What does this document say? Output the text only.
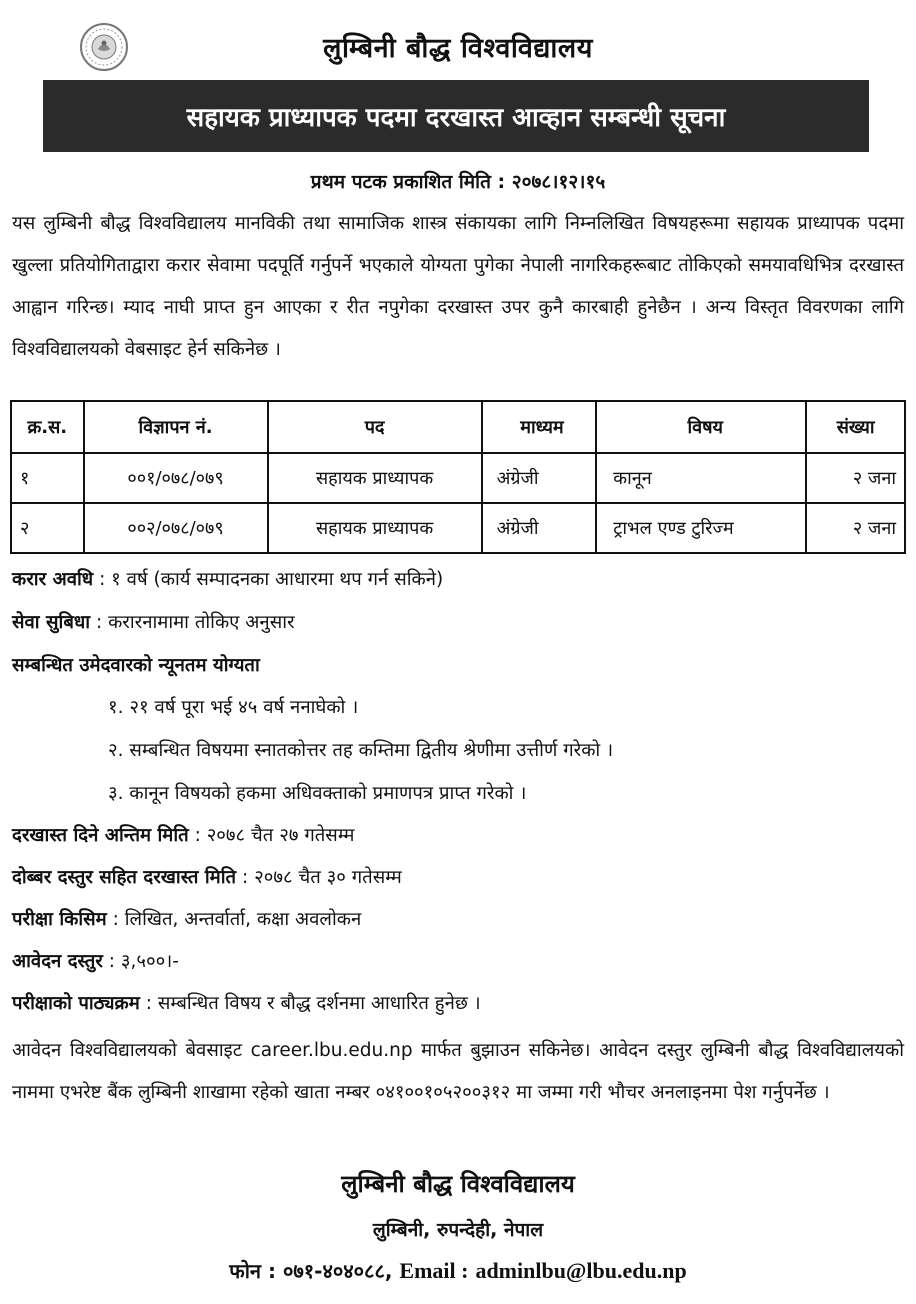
लुम्बिनी बौद्ध विश्वविद्यालय
सहायक प्राध्यापक पदमा दरखास्त आव्हान सम्बन्धी सूचना
प्रथम पटक प्रकाशित मिति : २०७८।१२।१५
यस लुम्बिनी बौद्ध विश्वविद्यालय मानविकी तथा सामाजिक शास्त्र संकायका लागि निम्नलिखित विषयहरूमा सहायक प्राध्यापक पदमा खुल्ला प्रतियोगिताद्वारा करार सेवामा पदपूर्ति गर्नुपर्ने भएकाले योग्यता पुगेका नेपाली नागरिकहरूबाट तोकिएको समयावधिभित्र दरखास्त आह्वान गरिन्छ। म्याद नाघी प्राप्त हुन आएका र रीत नपुगेका दरखास्त उपर कुनै कारबाही हुनेछैन । अन्य विस्तृत विवरणका लागि विश्वविद्यालयको वेबसाइट हेर्न सकिनेछ ।
क्र.स.	विज्ञापन नं.	पद	माध्यम	विषय	संख्या
१	००१/०७८/०७९	सहायक प्राध्यापक	अंग्रेजी	कानून	२ जना
२	००२/०७८/०७९	सहायक प्राध्यापक	अंग्रेजी	ट्राभल एण्ड टुरिज्म	२ जना
करार अवधि : १ वर्ष (कार्य सम्पादनका आधारमा थप गर्न सकिने)
सेवा सुबिधा : करारनामामा तोकिए अनुसार
सम्बन्धित उमेदवारको न्यूनतम योग्यता
१. २१ वर्ष पूरा भई ४५ वर्ष ननाघेको ।
२. सम्बन्धित विषयमा स्नातकोत्तर तह कम्तिमा द्वितीय श्रेणीमा उत्तीर्ण गरेको ।
३. कानून विषयको हकमा अधिवक्ताको प्रमाणपत्र प्राप्त गरेको ।
दरखास्त दिने अन्तिम मिति : २०७८ चैत २७ गतेसम्म
दोब्बर दस्तुर सहित दरखास्त मिति : २०७८ चैत ३० गतेसम्म
परीक्षा किसिम : लिखित, अन्तर्वार्ता, कक्षा अवलोकन
आवेदन दस्तुर : ३,५००।-
परीक्षाको पाठ्यक्रम : सम्बन्धित विषय र बौद्ध दर्शनमा आधारित हुनेछ ।
आवेदन विश्वविद्यालयको बेवसाइट career.lbu.edu.np मार्फत बुझाउन सकिनेछ। आवेदन दस्तुर लुम्बिनी बौद्ध विश्वविद्यालयको नाममा एभरेष्ट बैंक लुम्बिनी शाखामा रहेको खाता नम्बर ०४१००१०५२००३१२ मा जम्मा गरी भौचर अनलाइनमा पेश गर्नुपर्नेछ ।
लुम्बिनी बौद्ध विश्वविद्यालय
लुम्बिनी, रुपन्देही, नेपाल
फोन : ०७१-४०४०८८, Email : adminlbu@lbu.edu.np
